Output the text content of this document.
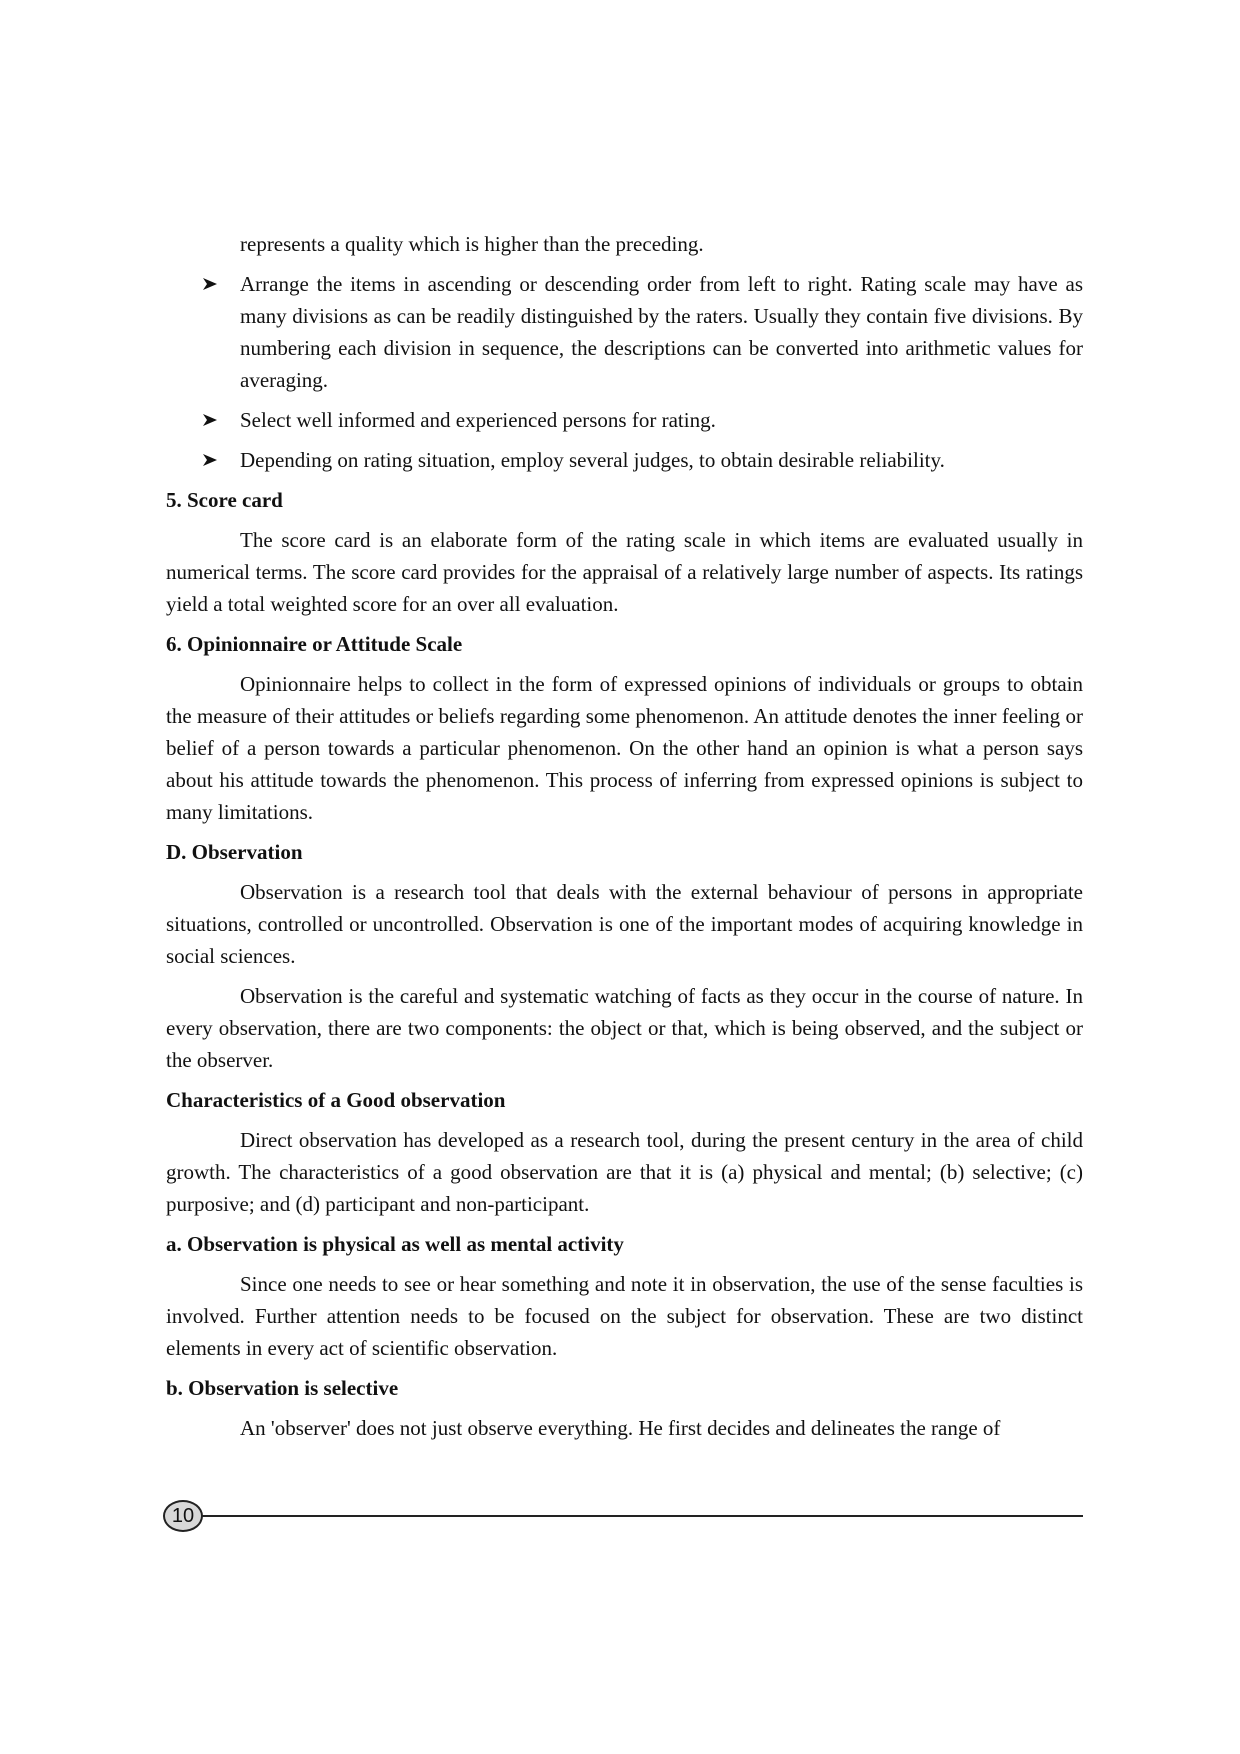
represents a quality which is higher than the preceding.

Arrange the items in ascending or descending order from left to right. Rating scale may have as many divisions as can be readily distinguished by the raters. Usually they contain five divisions. By numbering each division in sequence, the descriptions can be converted into arithmetic values for averaging.
Select well informed and experienced persons for rating.
Depending on rating situation, employ several judges, to obtain desirable reliability.
5. Score card

The score card is an elaborate form of the rating scale in which items are evaluated usually in numerical terms. The score card provides for the appraisal of a relatively large number of aspects. Its ratings yield a total weighted score for an over all evaluation.

6. Opinionnaire or Attitude Scale

Opinionnaire helps to collect in the form of expressed opinions of individuals or groups to obtain the measure of their attitudes or beliefs regarding some phenomenon. An attitude denotes the inner feeling or belief of a person towards a particular phenomenon. On the other hand an opinion is what a person says about his attitude towards the phenomenon. This process of inferring from expressed opinions is subject to many limitations.

D. Observation

Observation is a research tool that deals with the external behaviour of persons in appropriate situations, controlled or uncontrolled. Observation is one of the important modes of acquiring knowledge in social sciences.

Observation is the careful and systematic watching of facts as they occur in the course of nature. In every observation, there are two components: the object or that, which is being observed, and the subject or the observer.

Characteristics of a Good observation

Direct observation has developed as a research tool, during the present century in the area of child growth. The characteristics of a good observation are that it is (a) physical and mental; (b) selective; (c) purposive; and (d) participant and non-participant.

a. Observation is physical as well as mental activity

Since one needs to see or hear something and note it in observation, the use of the sense faculties is involved. Further attention needs to be focused on the subject for observation. These are two distinct elements in every act of scientific observation.

b. Observation is selective

An 'observer' does not just observe everything. He first decides and delineates the range of

10
